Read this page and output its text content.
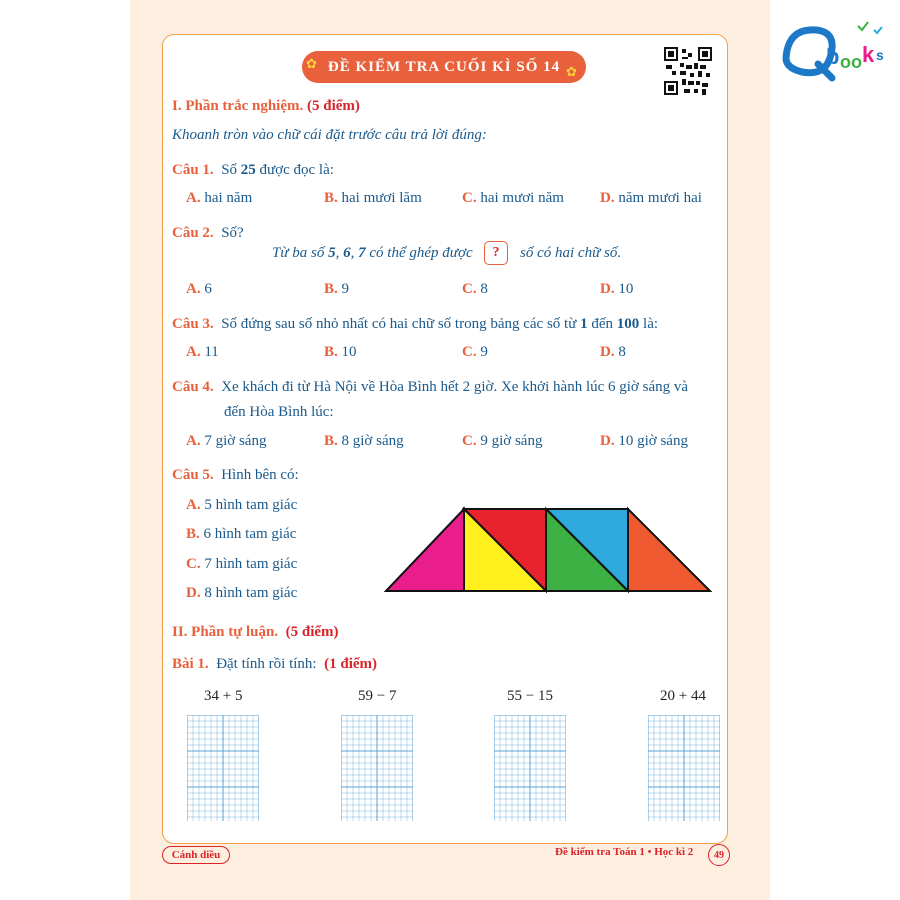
b oo k s
ĐỀ KIỂM TRA CUỐI KÌ SỐ 14
✿
✿
I. Phần trắc nghiệm. (5 điểm)
Khoanh tròn vào chữ cái đặt trước câu trả lời đúng:
Câu 1. Số 25 được đọc là:
A. hai năm	B. hai mươi lăm	C. hai mươi năm D. năm mươi hai
Câu 2. Số?
Từ ba số 5, 6, 7 có thể ghép được	?	số có hai chữ số.
A. 6	B. 9	C. 8	D. 10
Câu 3. Số đứng sau số nhỏ nhất có hai chữ số trong bảng các số từ 1 đến 100 là:
A. 11	B. 10	C. 9	D. 8
Câu 4. Xe khách đi từ Hà Nội về Hòa Bình hết 2 giờ. Xe khởi hành lúc 6 giờ sáng và
đến Hòa Bình lúc:
A. 7 giờ sáng	B. 8 giờ sáng	C. 9 giờ sáng	D. 10 giờ sáng
Câu 5. Hình bên có:
A. 5 hình tam giác
B. 6 hình tam giác
C. 7 hình tam giác
D. 8 hình tam giác
II. Phần tự luận. (5 điểm)
Bài 1. Đặt tính rồi tính: (1 điểm)
34 + 5	59 − 7	55 − 15	20 + 44
Cánh diều	Đề kiểm tra Toán 1 • Học kì 2	49
